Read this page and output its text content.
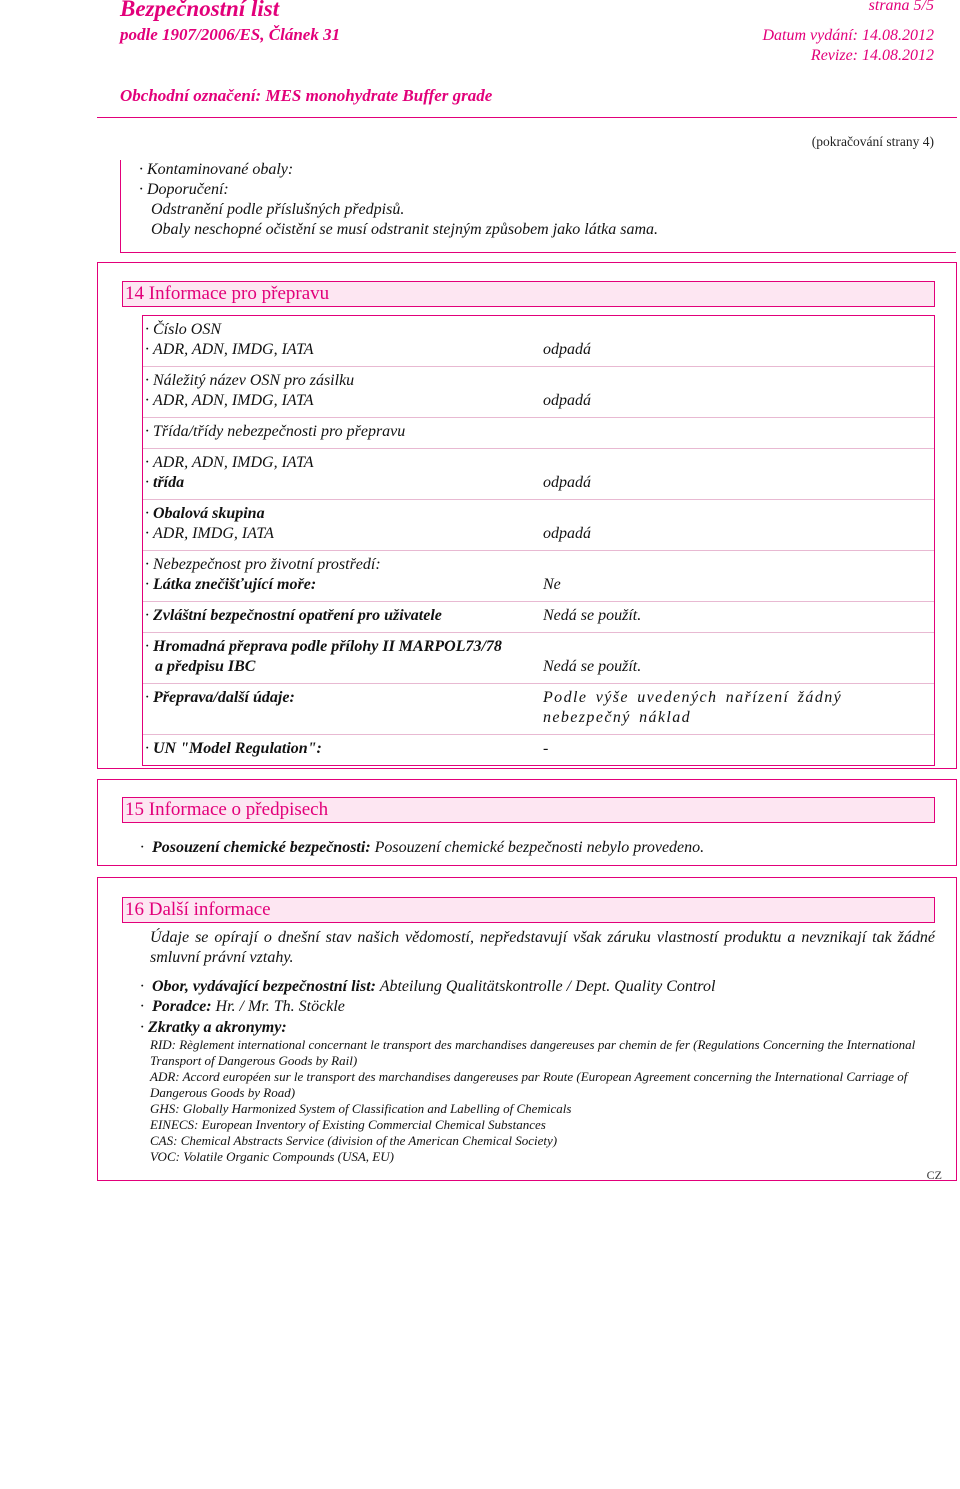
Bezpečnostní list
podle 1907/2006/ES, Článek 31
strana 5/5
Datum vydání: 14.08.2012
Revize: 14.08.2012
Obchodní označení: MES monohydrate Buffer grade
(pokračování strany 4)
· Kontaminované obaly:
· Doporučení:
Odstranění podle příslušných předpisů.
Obaly neschopné očistění se musí odstranit stejným způsobem jako látka sama.
14 Informace pro přepravu
· Číslo OSN
· ADR, ADN, IMDG, IATA	odpadá
· Náležitý název OSN pro zásilku
· ADR, ADN, IMDG, IATA	odpadá
· Třída/třídy nebezpečnosti pro přepravu
· ADR, ADN, IMDG, IATA
· třída	odpadá
· Obalová skupina
· ADR, IMDG, IATA	odpadá
· Nebezpečnost pro životní prostředí:
· Látka znečišťující moře:	Ne
· Zvláštní bezpečnostní opatření pro uživatele	Nedá se použít.
· Hromadná přeprava podle přílohy II MARPOL73/78
a předpisu IBC	Nedá se použít.
· Přeprava/další údaje:
	Podle výše uvedených nařízení žádný nebezpečný náklad
· UN "Model Regulation":	-
15 Informace o předpisech
· Posouzení chemické bezpečnosti: Posouzení chemické bezpečnosti nebylo provedeno.
16 Další informace
Údaje se opírají o dnešní stav našich vědomostí, nepředstavují však záruku vlastností produktu a nevznikají tak žádné smluvní právní vztahy.
· Obor, vydávající bezpečnostní list: Abteilung Qualitätskontrolle / Dept. Quality Control
· Poradce: Hr. / Mr. Th. Stöckle
· Zkratky a akronymy:
RID: Règlement international concernant le transport des marchandises dangereuses par chemin de fer (Regulations Concerning the International Transport of Dangerous Goods by Rail)
ADR: Accord européen sur le transport des marchandises dangereuses par Route (European Agreement concerning the International Carriage of Dangerous Goods by Road)
GHS: Globally Harmonized System of Classification and Labelling of Chemicals
EINECS: European Inventory of Existing Commercial Chemical Substances
CAS: Chemical Abstracts Service (division of the American Chemical Society)
VOC: Volatile Organic Compounds (USA, EU)
CZ
